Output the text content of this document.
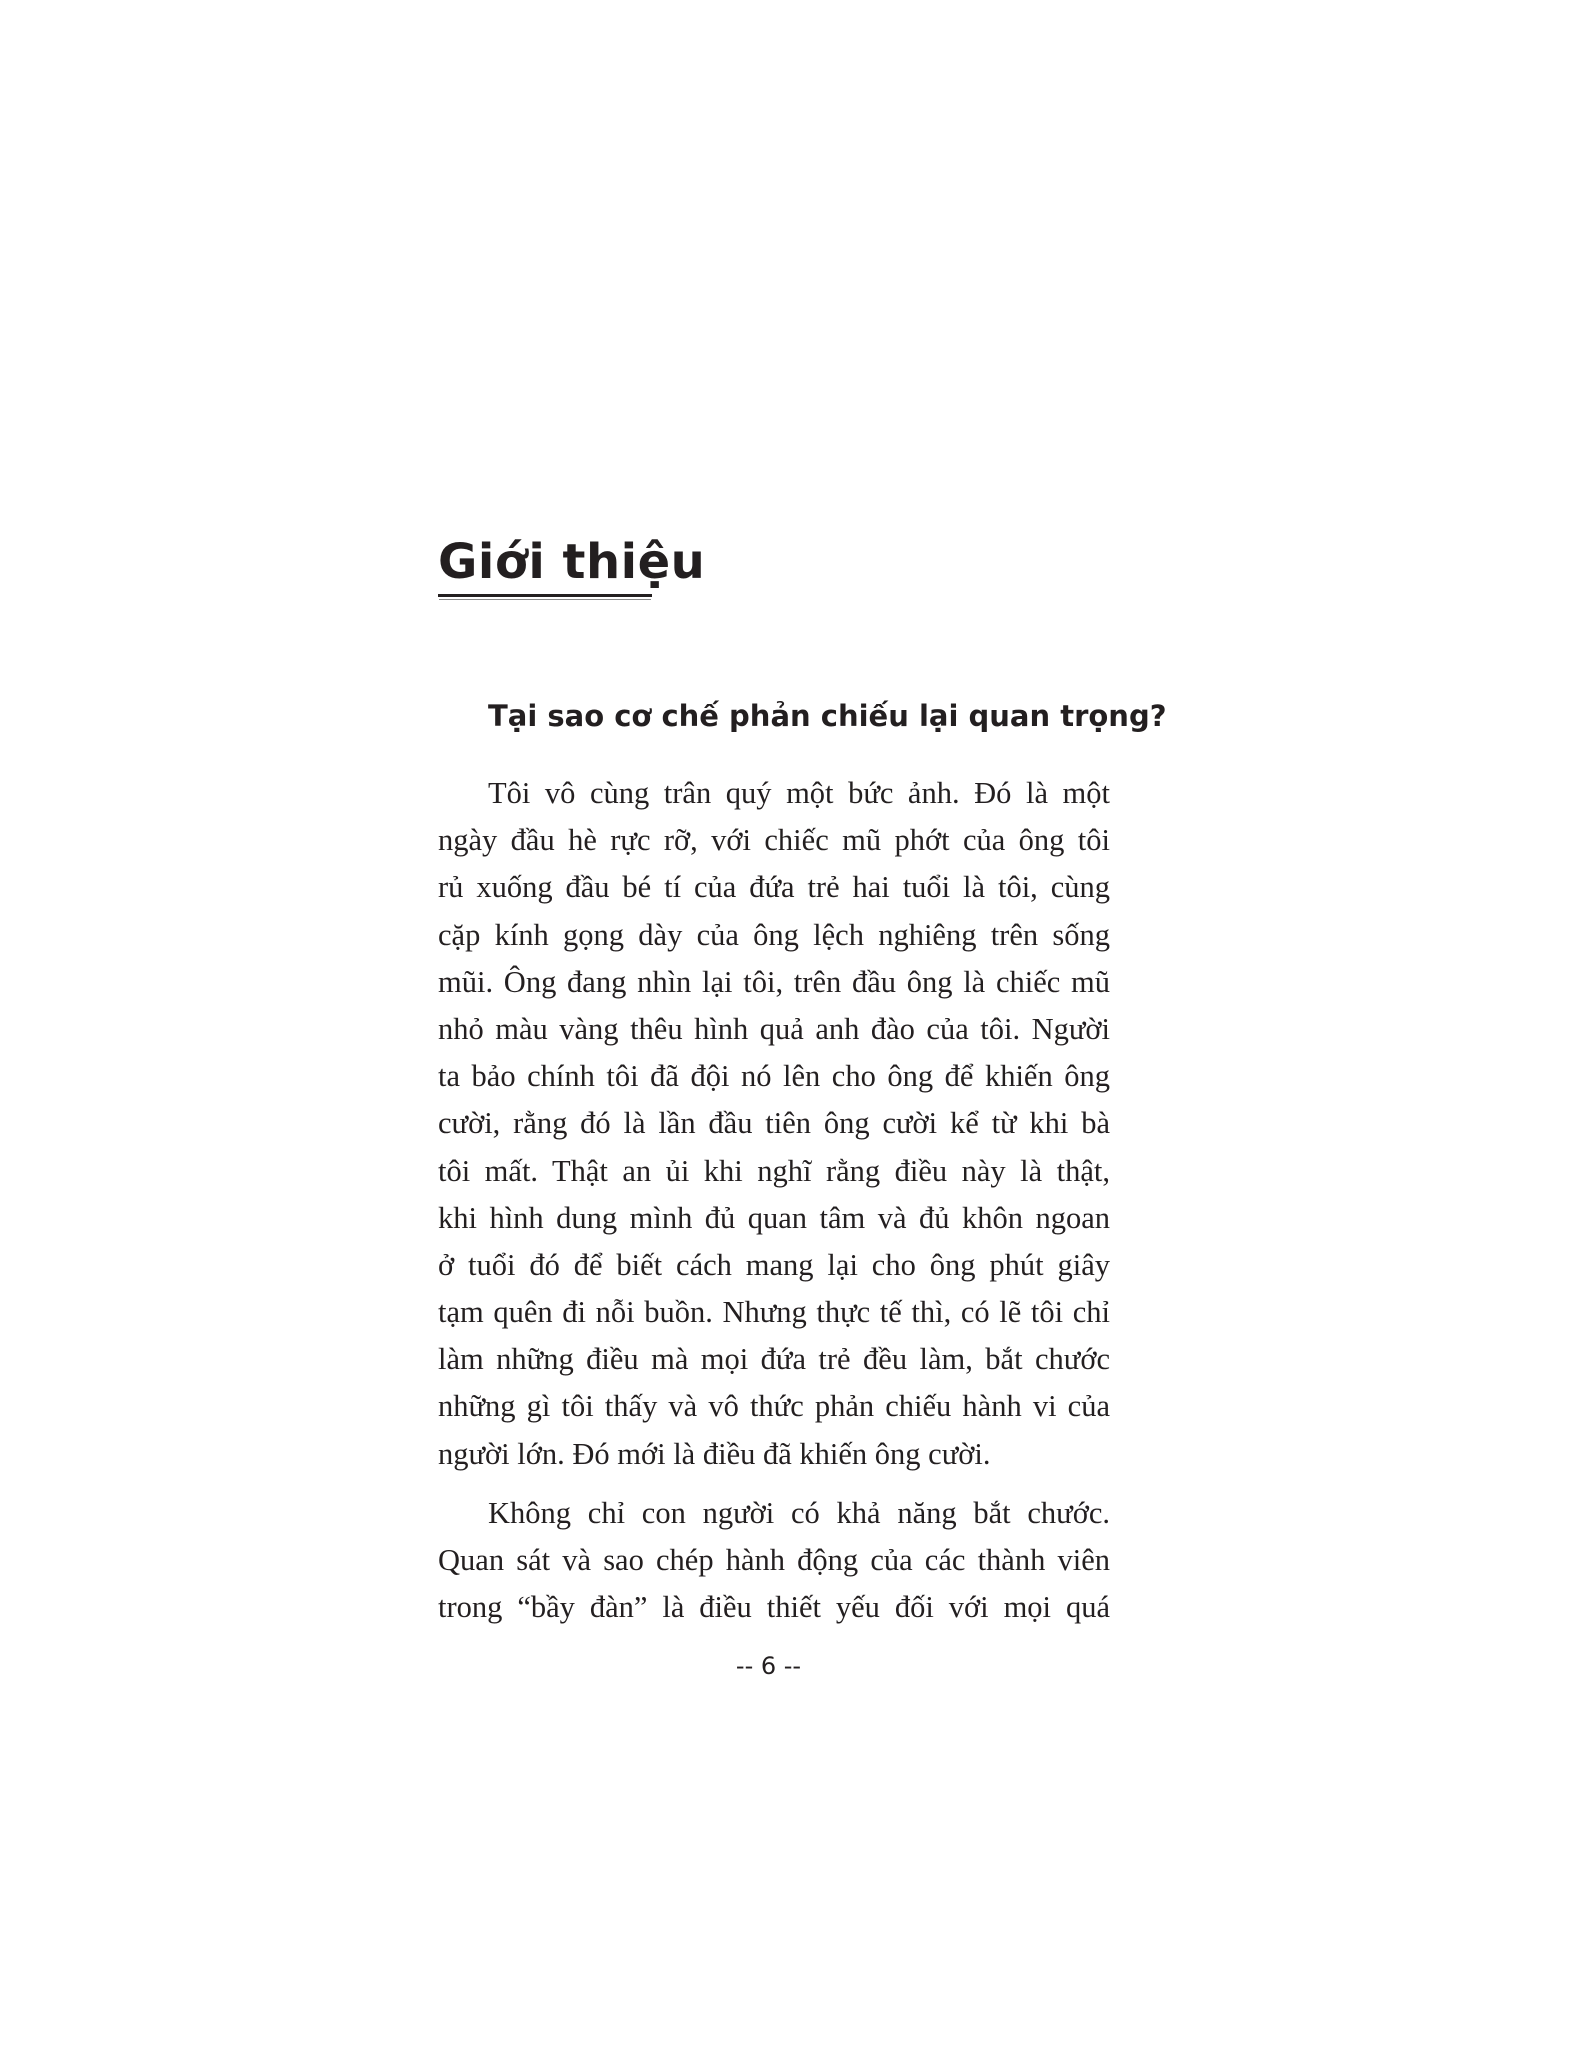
Giới thiệu
Tại sao cơ chế phản chiếu lại quan trọng?
Tôi vô cùng trân quý một bức ảnh. Đó là một
ngày đầu hè rực rỡ, với chiếc mũ phớt của ông tôi
rủ xuống đầu bé tí của đứa trẻ hai tuổi là tôi, cùng
cặp kính gọng dày của ông lệch nghiêng trên sống
mũi. Ông đang nhìn lại tôi, trên đầu ông là chiếc mũ
nhỏ màu vàng thêu hình quả anh đào của tôi. Người
ta bảo chính tôi đã đội nó lên cho ông để khiến ông
cười, rằng đó là lần đầu tiên ông cười kể từ khi bà
tôi mất. Thật an ủi khi nghĩ rằng điều này là thật,
khi hình dung mình đủ quan tâm và đủ khôn ngoan
ở tuổi đó để biết cách mang lại cho ông phút giây
tạm quên đi nỗi buồn. Nhưng thực tế thì, có lẽ tôi chỉ
làm những điều mà mọi đứa trẻ đều làm, bắt chước
những gì tôi thấy và vô thức phản chiếu hành vi của
người lớn. Đó mới là điều đã khiến ông cười.
Không chỉ con người có khả năng bắt chước.
Quan sát và sao chép hành động của các thành viên
trong “bầy đàn” là điều thiết yếu đối với mọi quá
-- 6 --
